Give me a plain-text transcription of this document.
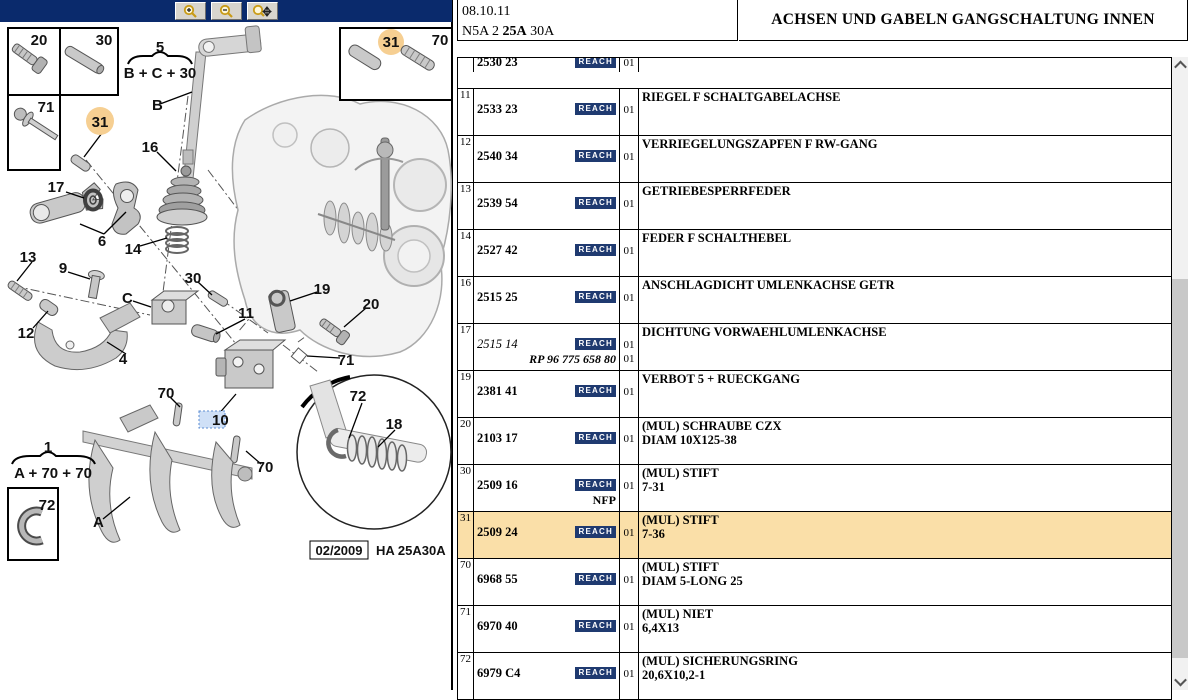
20	30
71
31 70
72
5
B + C + 30
1
A + 70 + 70
B
C
A
31
16
17
6 14
13
9
30
11
19
20
12
4	71
70
10
72
18
70
02/2009 HA 25A30A
08.10.11
N5A 2 25A 30A
ACHSEN UND GABELN GANGSCHALTUNG INNEN
2530 23	REACH 01
11
2533 23	REACH 01
RIEGEL F SCHALTGABELACHSE
12
2540 34	REACH 01
VERRIEGELUNGSZAPFEN F RW-GANG
13
2539 54	REACH 01
GETRIEBESPERRFEDER
14
2527 42	REACH 01
FEDER F SCHALTHEBEL
16
2515 25	REACH 01
ANSCHLAGDICHT UMLENKACHSE GETR
17
2515 14	REACH
RP 96 775 658 80
01
01
DICHTUNG VORWAEHLUMLENKACHSE
19
2381 41	REACH 01
VERBOT 5 + RUECKGANG
20
2103 17	REACH 01
(MUL) SCHRAUBE CZX
DIAM 10X125-38
30
2509 16	REACH
NFP
01
(MUL) STIFT
7-31
31
2509 24	REACH 01
(MUL) STIFT
7-36
70
6968 55	REACH 01
(MUL) STIFT
DIAM 5-LONG 25
71
6970 40	REACH 01
(MUL) NIET
6,4X13
72
6979 C4	REACH 01
(MUL) SICHERUNGSRING
20,6X10,2-1
